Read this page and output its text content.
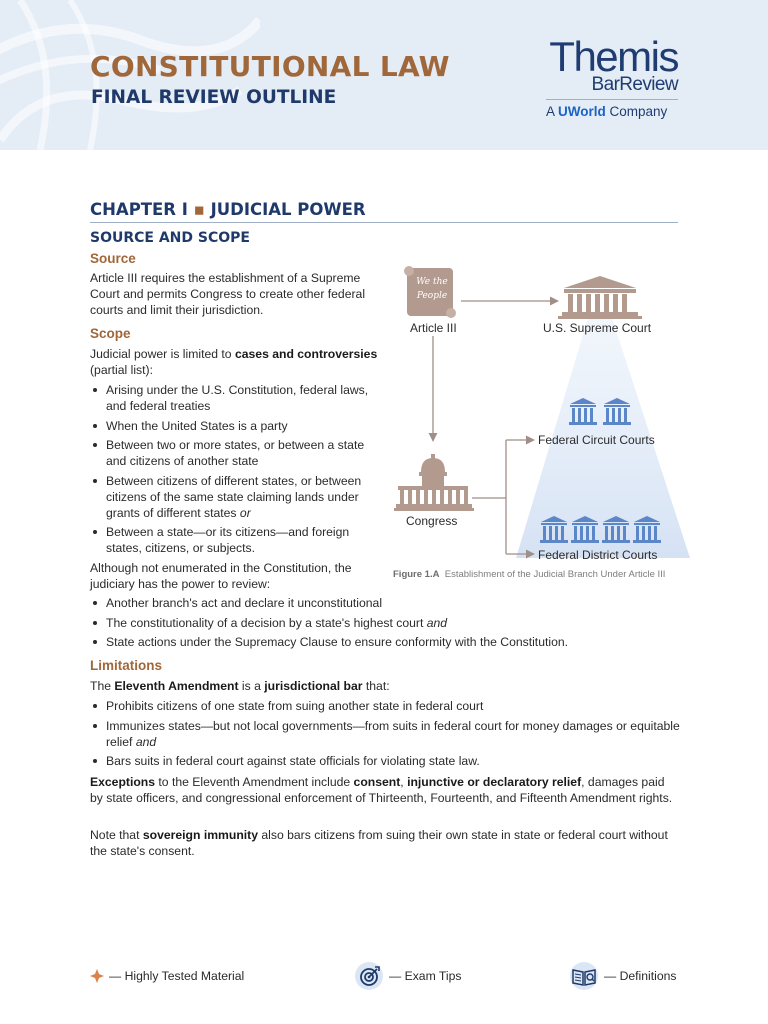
CONSTITUTIONAL LAW
FINAL REVIEW OUTLINE
Themis
BarReview
A UWorld Company
CHAPTER I ▪ JUDICIAL POWER
SOURCE AND SCOPE
Source
Article III requires the establishment of a Supreme Court and permits Congress to create other federal courts and limit their jurisdiction.
Scope
Judicial power is limited to cases and controversies (partial list):
Arising under the U.S. Constitution, federal laws, and federal treaties
When the United States is a party
Between two or more states, or between a state and citizens of another state
Between citizens of different states, or between citizens of the same state claiming lands under grants of different states or
Between a state—or its citizens—and foreign states, citizens, or subjects.
Although not enumerated in the Constitution, the judiciary has the power to review:
Another branch's act and declare it unconstitutional
The constitutionality of a decision by a state's highest court and
State actions under the Supremacy Clause to ensure conformity with the Constitution.
We the
People
Article III	U.S. Supreme Court
Federal Circuit Courts
Congress
Federal District Courts
Figure 1.A Establishment of the Judicial Branch Under Article III
Limitations
The Eleventh Amendment is a jurisdictional bar that:
Prohibits citizens of one state from suing another state in federal court
Immunizes states—but not local governments—from suits in federal court for money damages or equitable relief and
Bars suits in federal court against state officials for violating state law.
Exceptions to the Eleventh Amendment include consent, injunctive or declaratory relief, damages paid by state officers, and congressional enforcement of Thirteenth, Fourteenth, and Fifteenth Amendment rights.
Note that sovereign immunity also bars citizens from suing their own state in state or federal court without the state's consent.
— Highly Tested Material	— Exam Tips	— Definitions
